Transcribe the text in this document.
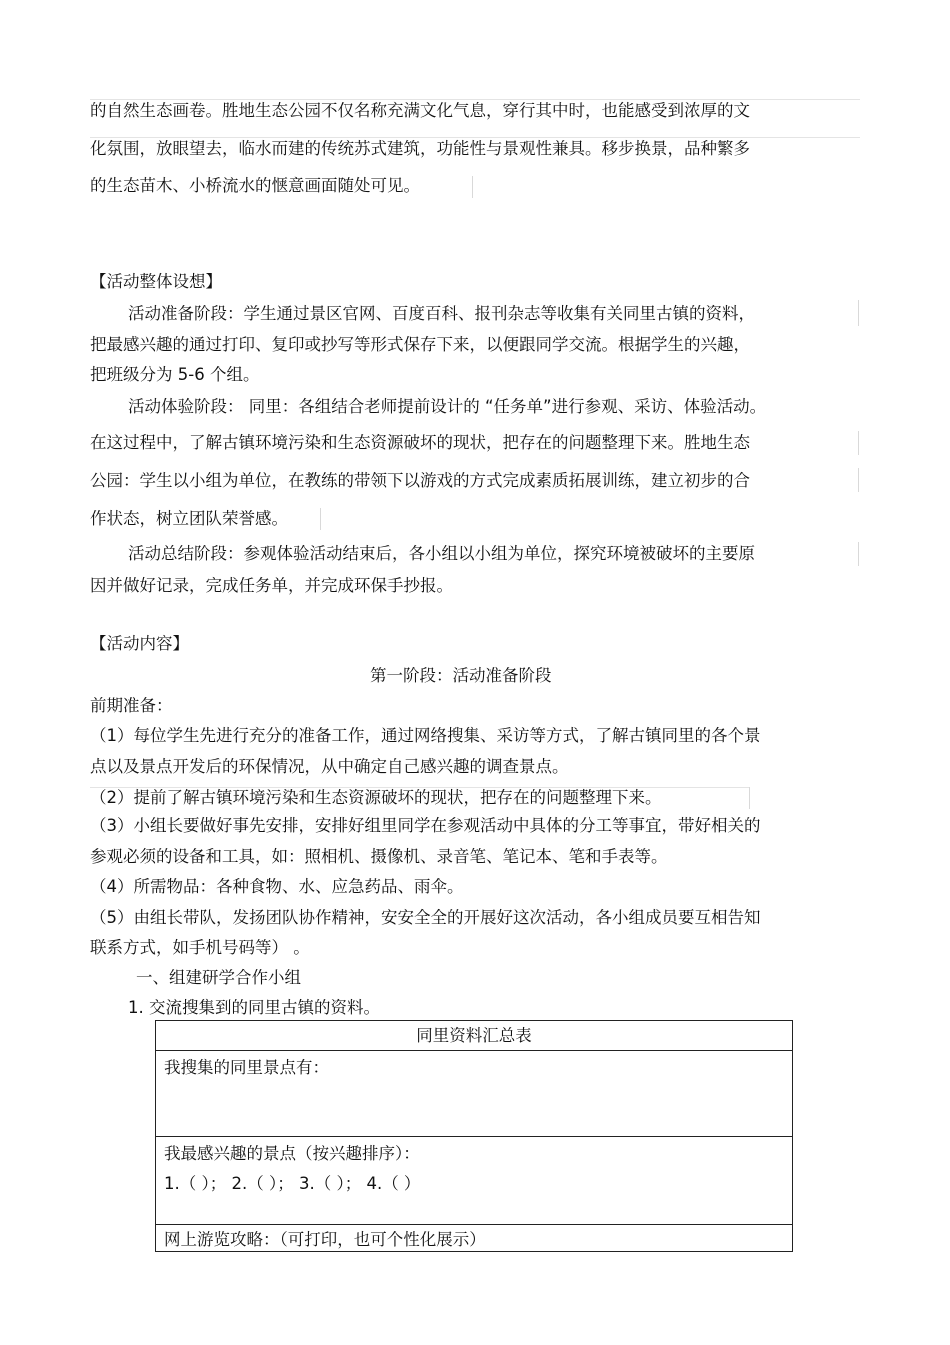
的自然生态画卷。胜地生态公园不仅名称充满文化气息，穿行其中时，也能感受到浓厚的文
化氛围，放眼望去，临水而建的传统苏式建筑，功能性与景观性兼具。移步换景，品种繁多
的生态苗木、小桥流水的惬意画面随处可见。
【活动整体设想】
活动准备阶段：学生通过景区官网、百度百科、报刊杂志等收集有关同里古镇的资料，
把最感兴趣的通过打印、复印或抄写等形式保存下来，以便跟同学交流。根据学生的兴趣，
把班级分为 5-6 个组。
活动体验阶段： 同里：各组结合老师提前设计的 “任务单”进行参观、采访、体验活动。
在这过程中，了解古镇环境污染和生态资源破坏的现状，把存在的问题整理下来。胜地生态
公园：学生以小组为单位，在教练的带领下以游戏的方式完成素质拓展训练，建立初步的合
作状态，树立团队荣誉感。
活动总结阶段：参观体验活动结束后，各小组以小组为单位，探究环境被破坏的主要原
因并做好记录，完成任务单，并完成环保手抄报。
【活动内容】
第一阶段：活动准备阶段
前期准备：
（1）每位学生先进行充分的准备工作，通过网络搜集、采访等方式，了解古镇同里的各个景
点以及景点开发后的环保情况，从中确定自己感兴趣的调查景点。
（2）提前了解古镇环境污染和生态资源破坏的现状，把存在的问题整理下来。
（3）小组长要做好事先安排，安排好组里同学在参观活动中具体的分工等事宜，带好相关的
参观必须的设备和工具，如：照相机、摄像机、录音笔、笔记本、笔和手表等。
（4）所需物品：各种食物、水、应急药品、雨伞。
（5）由组长带队，发扬团队协作精神，安安全全的开展好这次活动，各小组成员要互相告知
联系方式，如手机号码等） 。
一、组建研学合作小组
1. 交流搜集到的同里古镇的资料。
同里资料汇总表
我搜集的同里景点有：
我最感兴趣的景点（按兴趣排序）：
1.（ ）； 2.（ ）； 3.（ ）； 4.（ ）
网上游览攻略：（可打印，也可个性化展示）
